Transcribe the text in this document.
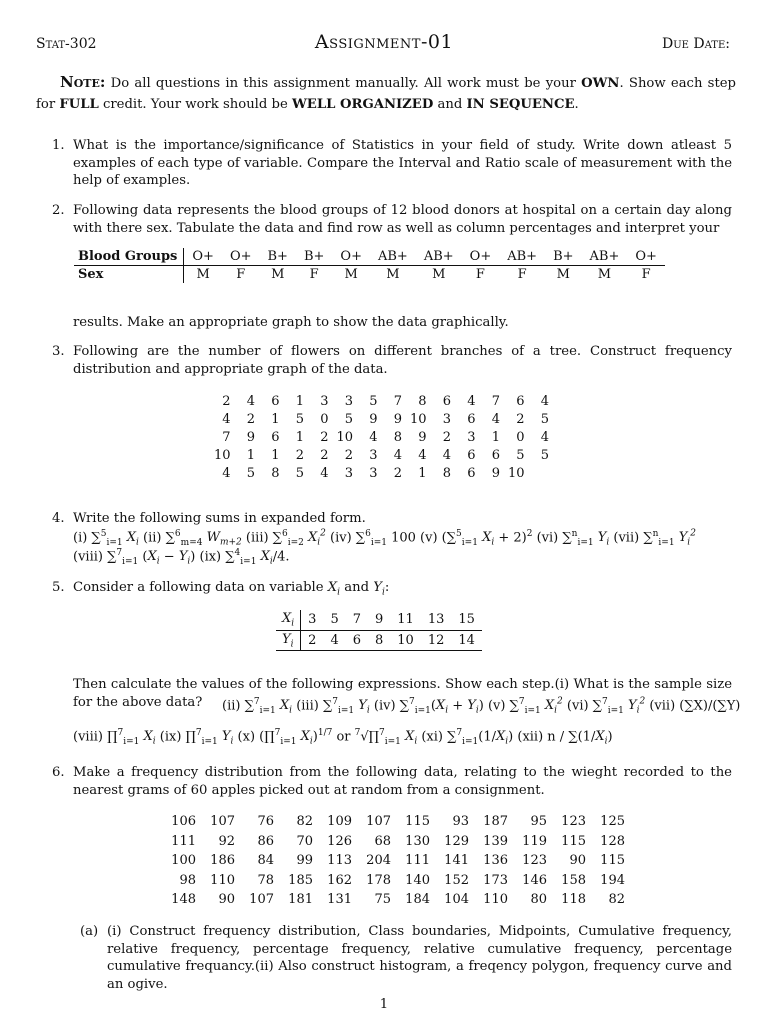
Stat-302	Assignment-01	Due Date:
Note: Do all questions in this assignment manually. All work must be your OWN. Show each step for FULL credit. Your work should be WELL ORGANIZED and IN SEQUENCE.
1. What is the importance/significance of Statistics in your field of study. Write down atleast 5 examples of each type of variable. Compare the Interval and Ratio scale of measurement with the help of examples.
2. Following data represents the blood groups of 12 blood donors at hospital on a certain day along with there sex. Tabulate the data and find row as well as column percentages and interpret your
Blood Groups	O+	O+	B+	B+	O+	AB+	AB+	O+	AB+	B+	AB+	O+
Sex	M	F	M	F	M	M	M	F	F	M	M	F
results. Make an appropriate graph to show the data graphically.
3. Following are the number of flowers on different branches of a tree. Construct frequency distribution and appropriate graph of the data.
2	4	6	1	3	3	5	7	8	6	4	7	6	4
4	2	1	5	0	5	9	9	10	3	6	4	2	5
7	9	6	1	2	10	4	8	9	2	3	1	0	4
10	1	1	2	2	2	3	4	4	4	6	6	5	5
4	5	8	5	4	3	3	2	1	8	6	9	10	
4. Write the following sums in expanded form.
(i) ∑$^5_{i=1}$ $X_i$ (ii) ∑$^6_{m=4}$ $W_{m+2}$ (iii) ∑$^6_{i=2}$ $X_i^2$ (iv) ∑$^6_{i=1}$ 100 (v) (∑$^5_{i=1}$ $X_i + 2)^2$ (vi) ∑$^n_{i=1}$ $Y_i$ (vii) ∑$^n_{i=1}$ $Y_i^2$
(viii) ∑$^7_{i=1}$ $(X_i - Y_i)$ (ix) ∑$^4_{i=1}$ $X_i/4$.
5. Consider a following data on variable $X_i$ and $Y_i$:
$X_i$	3	5	7	9	11	13	15
$Y_i$	2	4	6	8	10	12	14
Then calculate the values of the following expressions. Show each step.(i) What is the sample size for the above data?	(ii) ∑$^7_{i=1}$ $X_i$ (iii) ∑$^7_{i=1}$ $Y_i$ (iv) $\sum^7_{i=1}(X_i + Y_i)$ (v) ∑$^7_{i=1}$ $X_i^2$ (vi) ∑$^7_{i=1}$ $Y_i^2$ (vii) (∑X)/(∑Y)
(viii) ∏$^7_{i=1}$ $X_i$ (ix) ∏$^7_{i=1}$ $Y_i$ (x) (∏$^7_{i=1}$ $X_i)^{1/7}$ or $^7$√∏$^7_{i=1}$ $X_i$ (xi) $\sum^7_{i=1}(1/X_i)$ (xii) n / $\sum(1/X_i)$
6. Make a frequency distribution from the following data, relating to the wieght recorded to the nearest grams of 60 apples picked out at random from a consignment.
106	107	76	82	109	107	115	93	187	95	123	125
111	92	86	70	126	68	130	129	139	119	115	128
100	186	84	99	113	204	111	141	136	123	90	115
98	110	78	185	162	178	140	152	173	146	158	194
148	90	107	181	131	75	184	104	110	80	118	82
(a) (i) Construct frequency distribution, Class boundaries, Midpoints, Cumulative frequency, relative frequency, percentage frequency, relative cumulative frequency, percentage cumulative frequancy.(ii) Also construct histogram, a freqency polygon, frequency curve and an ogive.
1
